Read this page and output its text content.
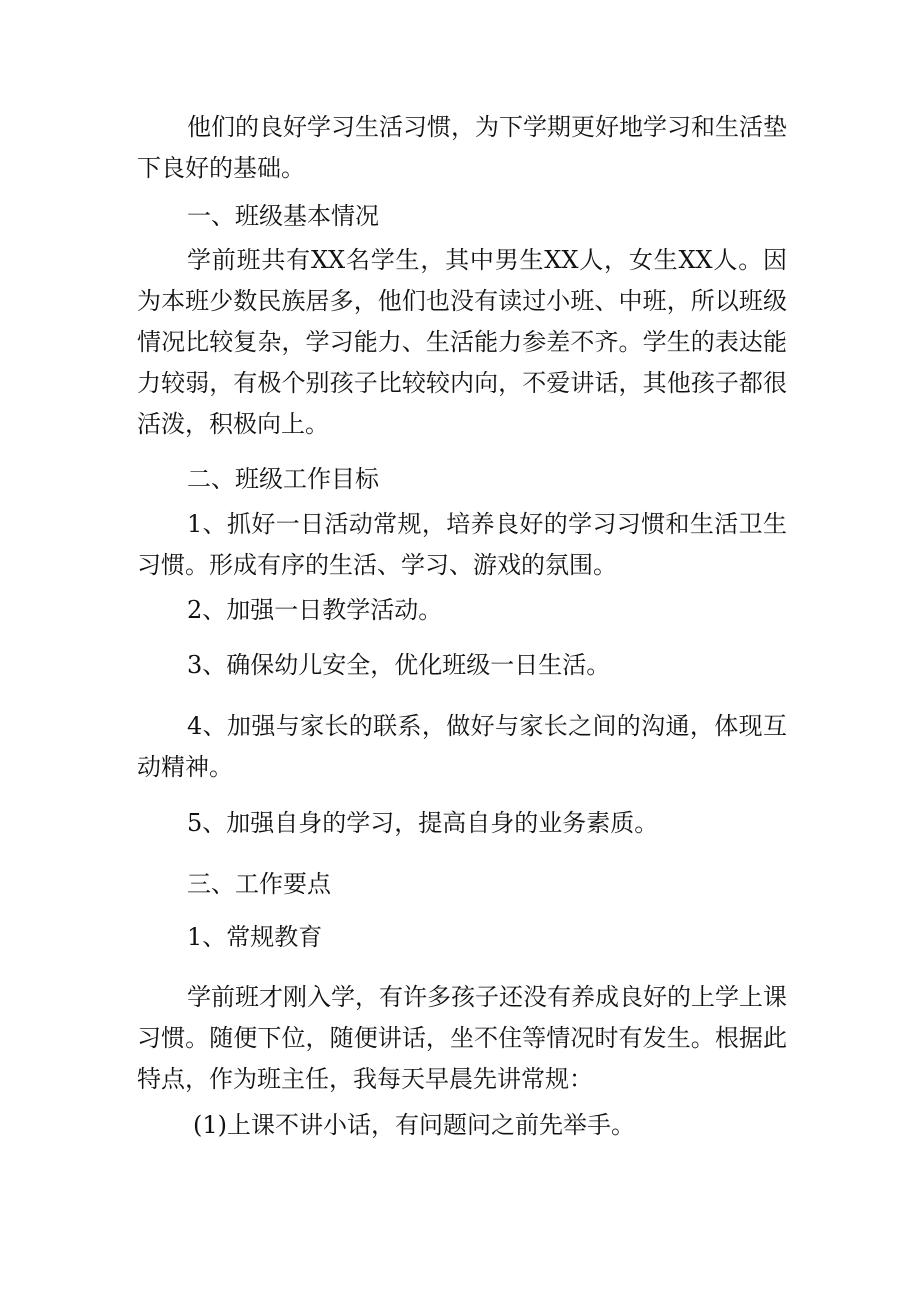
他们的良好学习生活习惯，为下学期更好地学习和生活垫下良好的基础。

一、班级基本情况

学前班共有XX名学生，其中男生XX人，女生XX人。因为本班少数民族居多，他们也没有读过小班、中班，所以班级情况比较复杂，学习能力、生活能力参差不齐。学生的表达能力较弱，有极个别孩子比较较内向，不爱讲话，其他孩子都很活泼，积极向上。

二、班级工作目标

1、抓好一日活动常规，培养良好的学习习惯和生活卫生习惯。形成有序的生活、学习、游戏的氛围。

2、加强一日教学活动。

3、确保幼儿安全，优化班级一日生活。

4、加强与家长的联系，做好与家长之间的沟通，体现互动精神。

5、加强自身的学习，提高自身的业务素质。

三、工作要点

1、常规教育

学前班才刚入学，有许多孩子还没有养成良好的上学上课习惯。随便下位，随便讲话，坐不住等情况时有发生。根据此特点，作为班主任，我每天早晨先讲常规：

(1)上课不讲小话，有问题问之前先举手。
